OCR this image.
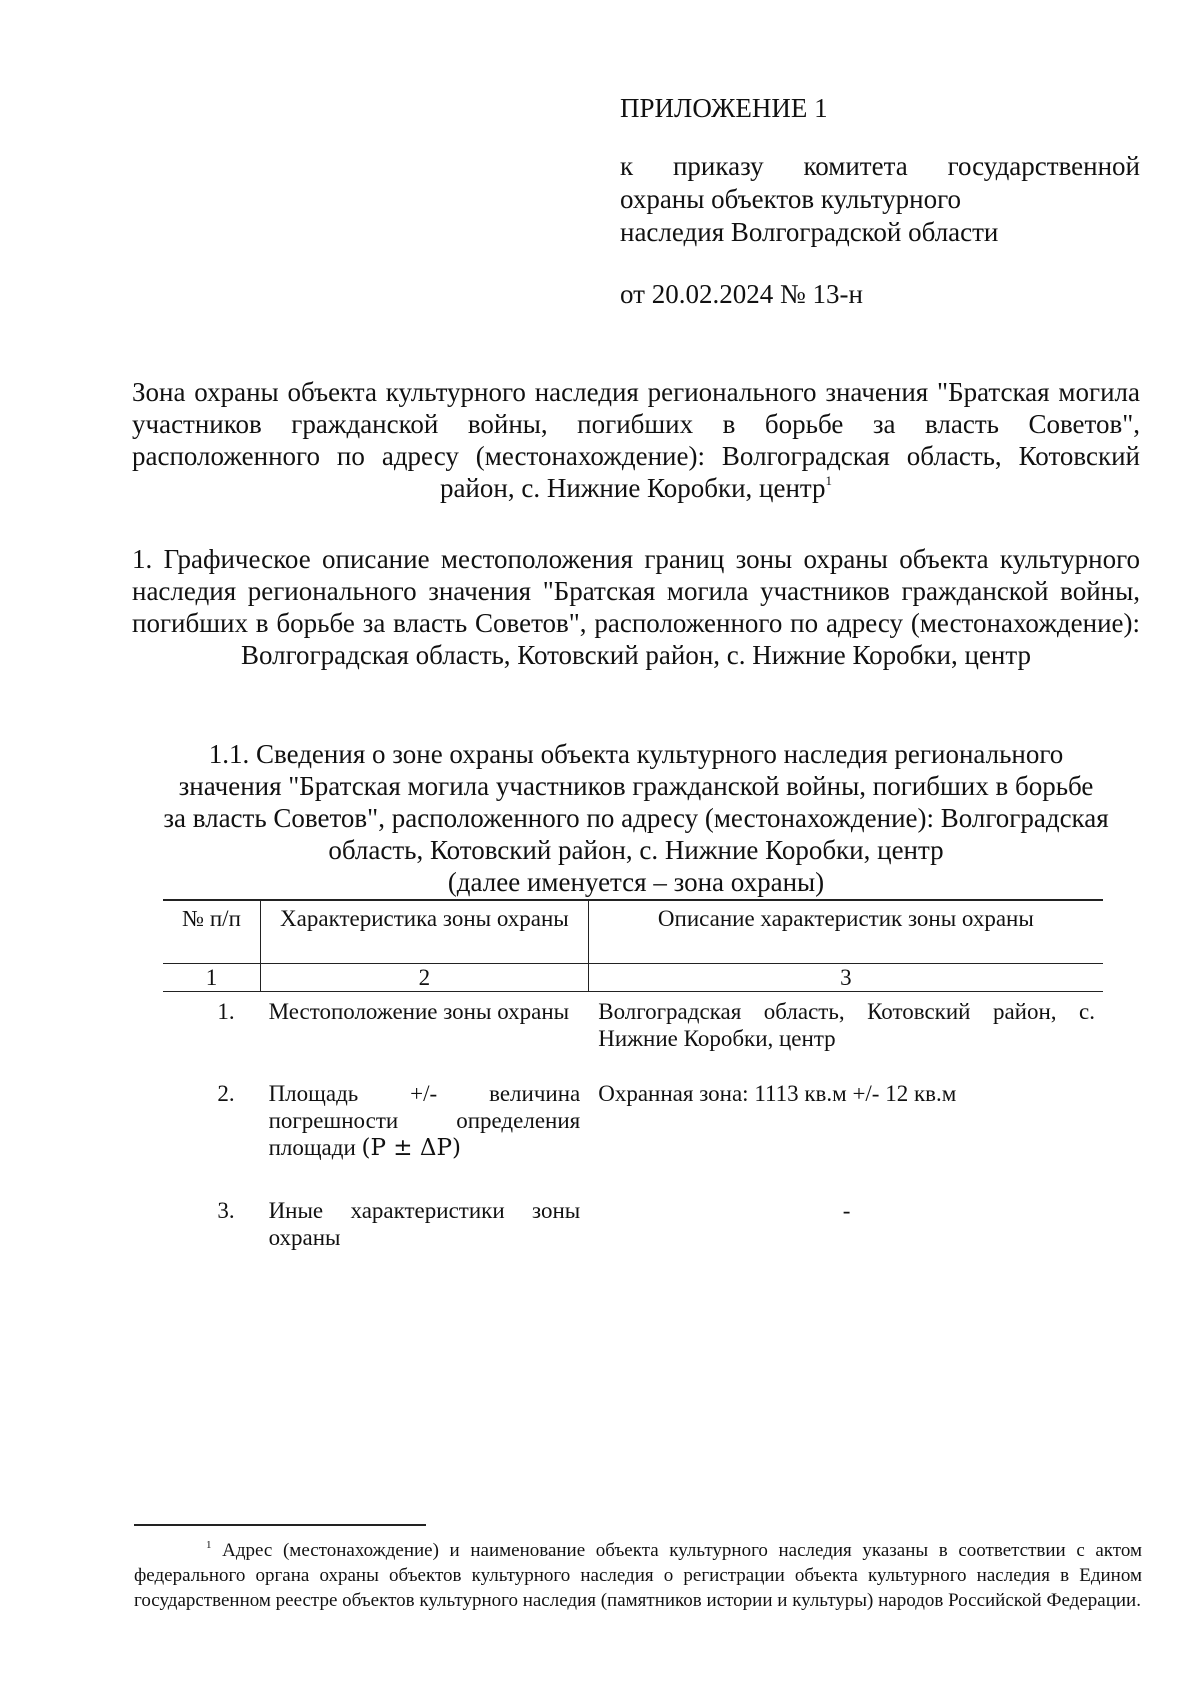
ПРИЛОЖЕНИЕ 1
к приказу комитета государственной
охраны объектов культурного
наследия Волгоградской области
от 20.02.2024 № 13-н
Зона охраны объекта культурного наследия регионального значения "Братская могила участников гражданской войны, погибших в борьбе за власть Советов", расположенного по адресу (местонахождение): Волгоградская область, Котовский район, с. Нижние Коробки, центр$^1$
1. Графическое описание местоположения границ зоны охраны объекта культурного наследия регионального значения "Братская могила участников гражданской войны, погибших в борьбе за власть Советов", расположенного по адресу (местонахождение): Волгоградская область, Котовский район, с. Нижние Коробки, центр
1.1. Сведения о зоне охраны объекта культурного наследия регионального
значения "Братская могила участников гражданской войны, погибших в борьбе
за власть Советов", расположенного по адресу (местонахождение): Волгоградская
область, Котовский район, с. Нижние Коробки, центр
(далее именуется – зона охраны)
№ п/п	Характеристика зоны охраны	Описание характеристик зоны охраны
1	2	3
1.	Местоположение зоны охраны	Волгоградская область, Котовский район, с. Нижние Коробки, центр
2.	Площадь +/- величина погрешности определения площади (P ± ΔP)	Охранная зона: 1113 кв.м +/- 12 кв.м
3.	Иные характеристики зоны охраны	-
$^1$ Адрес (местонахождение) и наименование объекта культурного наследия указаны в соответствии с актом федерального органа охраны объектов культурного наследия о регистрации объекта культурного наследия в Едином государственном реестре объектов культурного наследия (памятников истории и культуры) народов Российской Федерации.
